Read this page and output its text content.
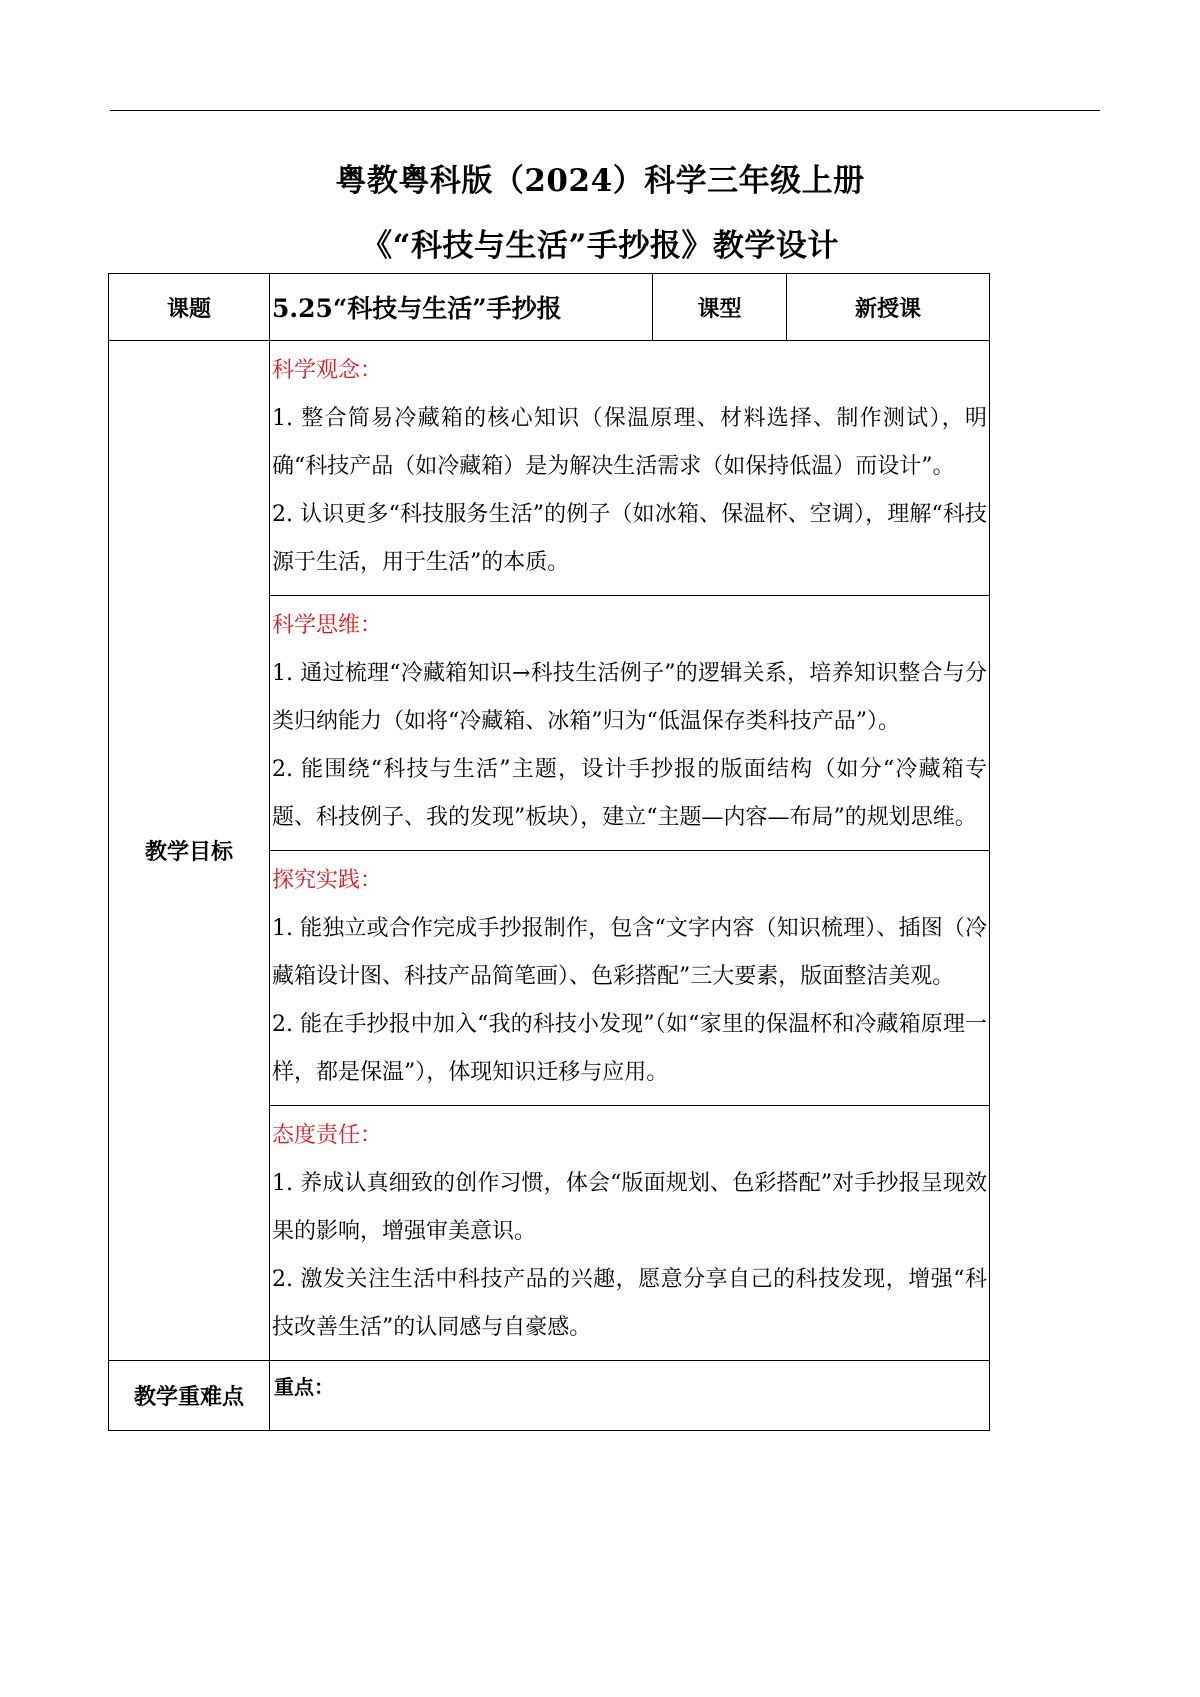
粤教粤科版（2024）科学三年级上册
《“科技与生活”手抄报》教学设计
课题	5.25“科技与生活”手抄报	课型	新授课
教学目标	科学观念：

1. 整合简易冷藏箱的核心知识（保温原理、材料选择、制作测试），明确“科技产品（如冷藏箱）是为解决生活需求（如保持低温）而设计”。

2. 认识更多“科技服务生活”的例子（如冰箱、保温杯、空调），理解“科技源于生活，用于生活”的本质。		

	科学思维：

1. 通过梳理“冷藏箱知识→科技生活例子”的逻辑关系，培养知识整合与分类归纳能力（如将“冷藏箱、冰箱”归为“低温保存类科技产品”）。

2. 能围绕“科技与生活”主题，设计手抄报的版面结构（如分“冷藏箱专题、科技例子、我的发现”板块），建立“主题—内容—布局”的规划思维。		

	探究实践：

1. 能独立或合作完成手抄报制作，包含“文字内容（知识梳理）、插图（冷藏箱设计图、科技产品简笔画）、色彩搭配”三大要素，版面整洁美观。

2. 能在手抄报中加入“我的科技小发现”（如“家里的保温杯和冷藏箱原理一样，都是保温”），体现知识迁移与应用。		

	态度责任：

1. 养成认真细致的创作习惯，体会“版面规划、色彩搭配”对手抄报呈现效果的影响，增强审美意识。

2. 激发关注生活中科技产品的兴趣，愿意分享自己的科技发现，增强“科技改善生活”的认同感与自豪感。		

教学重难点	重点：		
